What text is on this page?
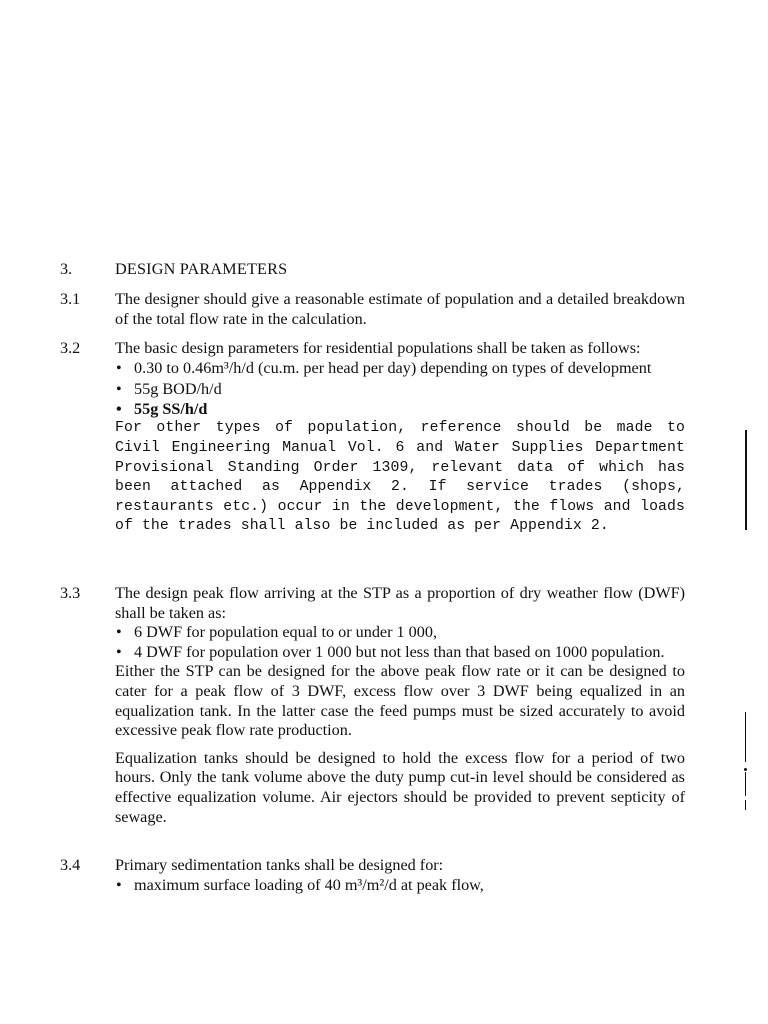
3.	DESIGN PARAMETERS
3.1	The designer should give a reasonable estimate of population and a detailed breakdown of the total flow rate in the calculation.

3.2	The basic design parameters for residential populations shall be taken as follows:

• 0.30 to 0.46m³/h/d (cu.m. per head per day) depending on types of development
• 55g BOD/h/d
• 55g SS/h/d

For other types of population, reference should be made to Civil Engineering Manual Vol. 6 and Water Supplies Department Provisional Standing Order 1309, relevant data of which has been attached as Appendix 2. If service trades (shops, restaurants etc.) occur in the development, the flows and loads of the trades shall also be included as per Appendix 2.

3.3	The design peak flow arriving at the STP as a proportion of dry weather flow (DWF) shall be taken as:

• 6 DWF for population equal to or under 1 000,
• 4 DWF for population over 1 000 but not less than that based on 1000 population.

Either the STP can be designed for the above peak flow rate or it can be designed to cater for a peak flow of 3 DWF, excess flow over 3 DWF being equalized in an equalization tank. In the latter case the feed pumps must be sized accurately to avoid excessive peak flow rate production.

Equalization tanks should be designed to hold the excess flow for a period of two hours. Only the tank volume above the duty pump cut-in level should be considered as effective equalization volume. Air ejectors should be provided to prevent septicity of sewage.

3.4	Primary sedimentation tanks shall be designed for:

• maximum surface loading of 40 m³/m²/d at peak flow,
